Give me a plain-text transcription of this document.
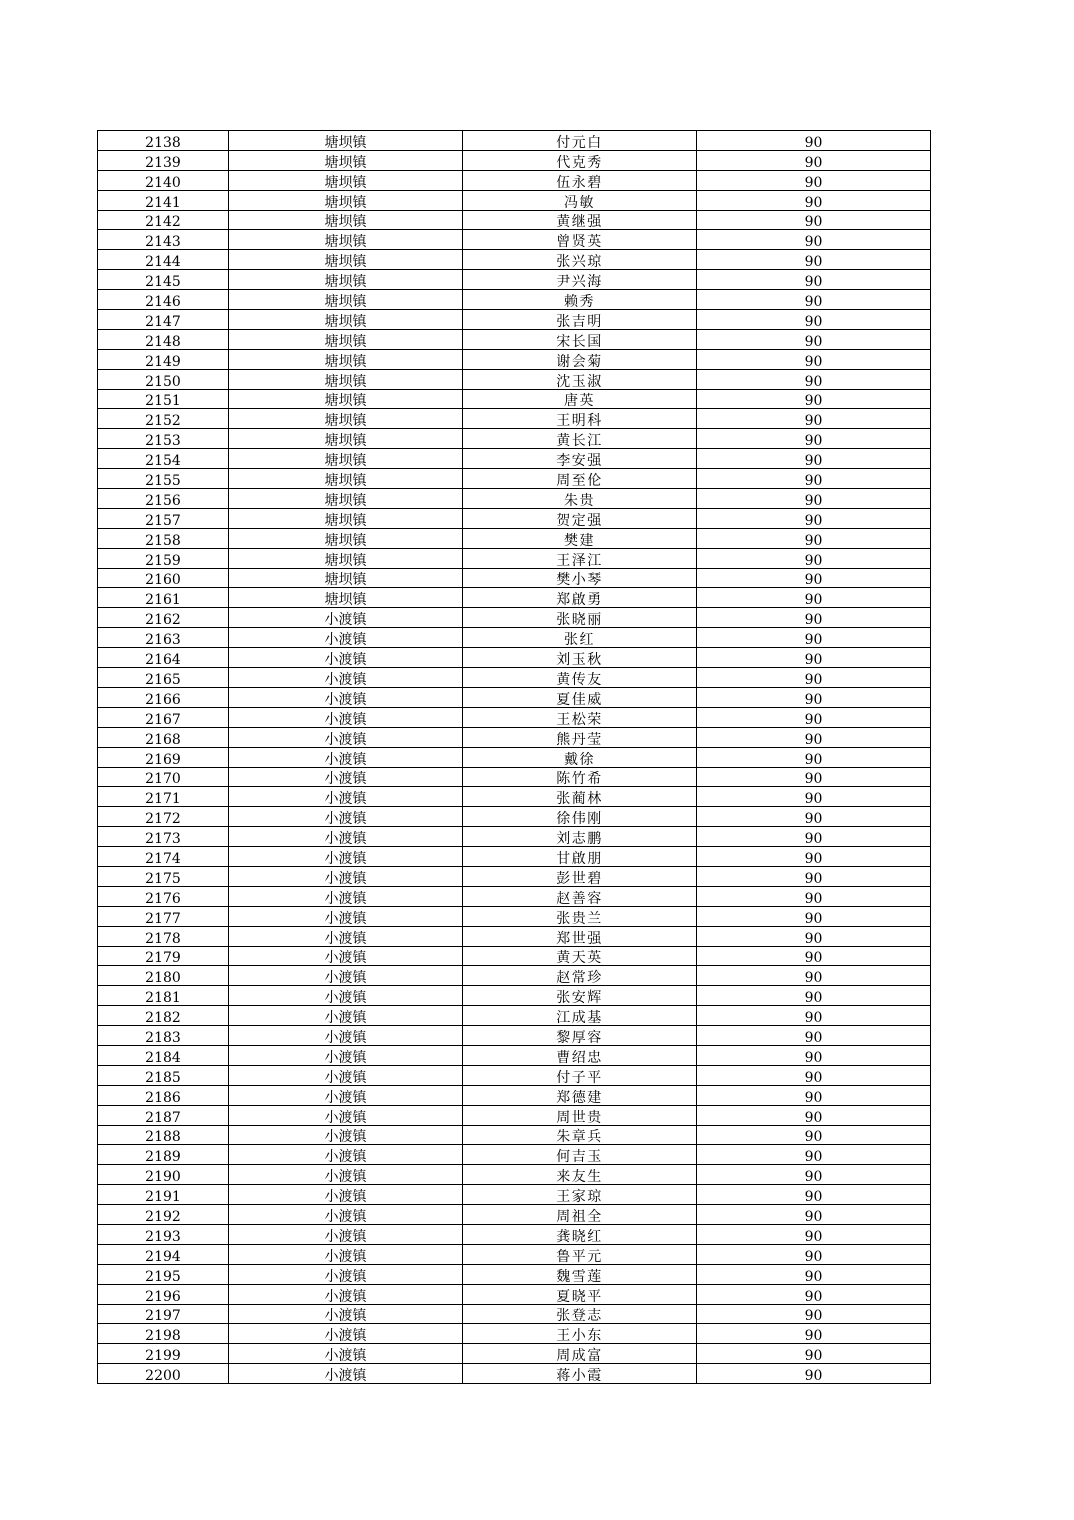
2138	塘坝镇	付元白	90
2139	塘坝镇	代克秀	90
2140	塘坝镇	伍永碧	90
2141	塘坝镇	冯敏	90
2142	塘坝镇	黄继强	90
2143	塘坝镇	曾贤英	90
2144	塘坝镇	张兴琼	90
2145	塘坝镇	尹兴海	90
2146	塘坝镇	赖秀	90
2147	塘坝镇	张吉明	90
2148	塘坝镇	宋长国	90
2149	塘坝镇	谢会菊	90
2150	塘坝镇	沈玉淑	90
2151	塘坝镇	唐英	90
2152	塘坝镇	王明科	90
2153	塘坝镇	黄长江	90
2154	塘坝镇	李安强	90
2155	塘坝镇	周至伦	90
2156	塘坝镇	朱贵	90
2157	塘坝镇	贺定强	90
2158	塘坝镇	樊建	90
2159	塘坝镇	王泽江	90
2160	塘坝镇	樊小琴	90
2161	塘坝镇	郑啟勇	90
2162	小渡镇	张晓丽	90
2163	小渡镇	张红	90
2164	小渡镇	刘玉秋	90
2165	小渡镇	黄传友	90
2166	小渡镇	夏佳威	90
2167	小渡镇	王松荣	90
2168	小渡镇	熊丹莹	90
2169	小渡镇	戴徐	90
2170	小渡镇	陈竹希	90
2171	小渡镇	张蔺林	90
2172	小渡镇	徐伟刚	90
2173	小渡镇	刘志鹏	90
2174	小渡镇	甘啟朋	90
2175	小渡镇	彭世碧	90
2176	小渡镇	赵善容	90
2177	小渡镇	张贵兰	90
2178	小渡镇	郑世强	90
2179	小渡镇	黄天英	90
2180	小渡镇	赵常珍	90
2181	小渡镇	张安辉	90
2182	小渡镇	江成基	90
2183	小渡镇	黎厚容	90
2184	小渡镇	曹绍忠	90
2185	小渡镇	付子平	90
2186	小渡镇	郑德建	90
2187	小渡镇	周世贵	90
2188	小渡镇	朱章兵	90
2189	小渡镇	何吉玉	90
2190	小渡镇	来友生	90
2191	小渡镇	王家琼	90
2192	小渡镇	周祖全	90
2193	小渡镇	龚晓红	90
2194	小渡镇	鲁平元	90
2195	小渡镇	魏雪莲	90
2196	小渡镇	夏晓平	90
2197	小渡镇	张登志	90
2198	小渡镇	王小东	90
2199	小渡镇	周成富	90
2200	小渡镇	蒋小霞	90
